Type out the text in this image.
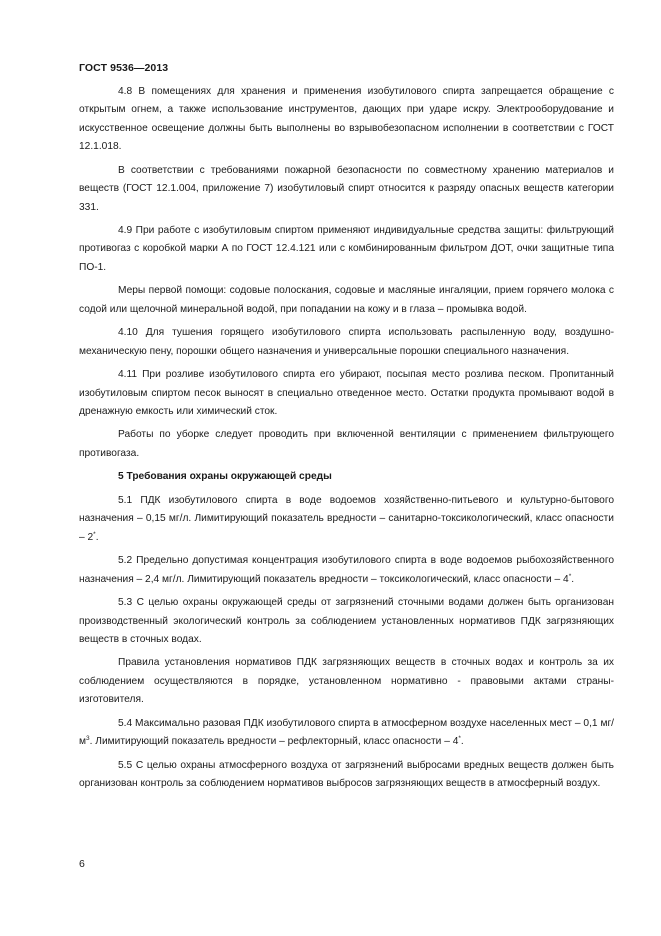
ГОСТ 9536—2013

4.8 В помещениях для хранения и применения изобутилового спирта запрещается обращение с открытым огнем, а также использование инструментов, дающих при ударе искру. Электрооборудование и искусственное освещение должны быть выполнены во взрывобезопасном исполнении в соответствии с ГОСТ 12.1.018.

В соответствии с требованиями пожарной безопасности по совместному хранению материалов и веществ (ГОСТ 12.1.004, приложение 7) изобутиловый спирт относится к разряду опасных веществ категории 331.

4.9 При работе с изобутиловым спиртом применяют индивидуальные средства защиты: фильтрующий противогаз с коробкой марки А по ГОСТ 12.4.121 или с комбинированным фильтром ДОТ, очки защитные типа ПО-1.

Меры первой помощи: содовые полоскания, содовые и масляные ингаляции, прием горячего молока с содой или щелочной минеральной водой, при попадании на кожу и в глаза – промывка водой.

4.10 Для тушения горящего изобутилового спирта использовать распыленную воду, воздушно-механическую пену, порошки общего назначения и универсальные порошки специального назначения.

4.11 При розливе изобутилового спирта его убирают, посыпая место розлива песком. Пропитанный изобутиловым спиртом песок выносят в специально отведенное место. Остатки продукта промывают водой в дренажную емкость или химический сток.

Работы по уборке следует проводить при включенной вентиляции с применением фильтрующего противогаза.

5 Требования охраны окружающей среды

5.1 ПДК изобутилового спирта в воде водоемов хозяйственно-питьевого и культурно-бытового назначения – 0,15 мг/л. Лимитирующий показатель вредности – санитарно-токсикологический, класс опасности – 2*.

5.2 Предельно допустимая концентрация изобутилового спирта в воде водоемов рыбохозяйственного назначения – 2,4 мг/л. Лимитирующий показатель вредности – токсикологический, класс опасности – 4*.

5.3 С целью охраны окружающей среды от загрязнений сточными водами должен быть организован производственный экологический контроль за соблюдением установленных нормативов ПДК загрязняющих веществ в сточных водах.

Правила установления нормативов ПДК загрязняющих веществ в сточных водах и контроль за их соблюдением осуществляются в порядке, установленном нормативно - правовыми актами страны-изготовителя.

5.4 Максимально разовая ПДК изобутилового спирта в атмосферном воздухе населенных мест – 0,1 $мг/м^3$. Лимитирующий показатель вредности – рефлекторный, класс опасности – 4*.

5.5 С целью охраны атмосферного воздуха от загрязнений выбросами вредных веществ должен быть организован контроль за соблюдением нормативов выбросов загрязняющих веществ в атмосферный воздух.

6
